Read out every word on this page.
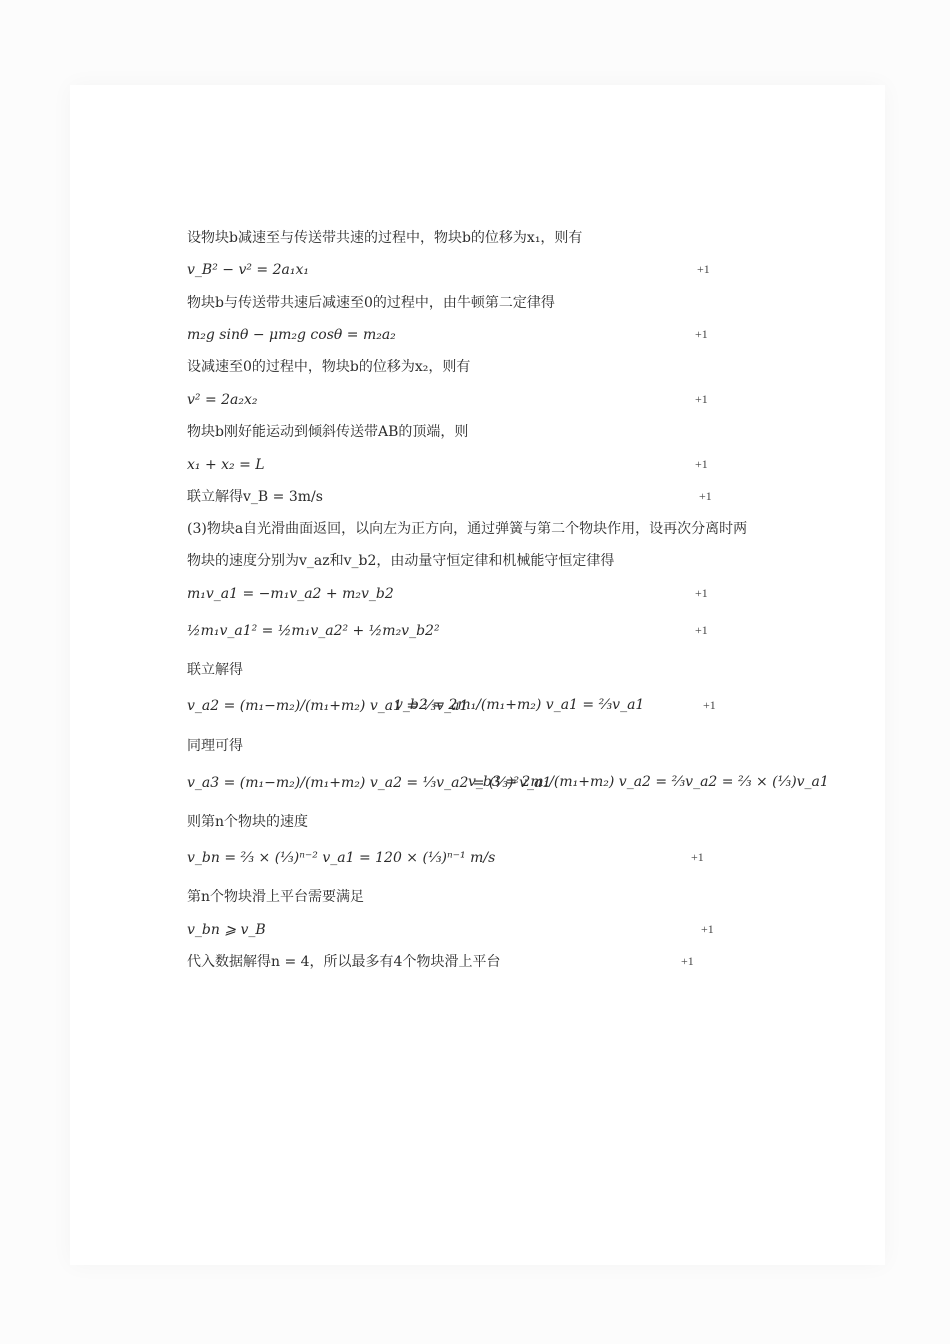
设物块b减速至与传送带共速的过程中，物块b的位移为x₁，则有
v_B² − v² = 2a₁x₁	+1
物块b与传送带共速后减速至0的过程中，由牛顿第二定律得
m₂g sinθ − μm₂g cosθ = m₂a₂	+1
设减速至0的过程中，物块b的位移为x₂，则有
v² = 2a₂x₂	+1
物块b刚好能运动到倾斜传送带AB的顶端，则
x₁ + x₂ = L	+1
联立解得v_B = 3m/s	+1
(3)物块a自光滑曲面返回，以向左为正方向，通过弹簧与第二个物块作用，设再次分离时两
物块的速度分别为v_az和v_b2，由动量守恒定律和机械能守恒定律得
m₁v_a1 = −m₁v_a2 + m₂v_b2	+1
½m₁v_a1² = ½m₁v_a2² + ½m₂v_b2²	+1
联立解得
v_a2 = (m₁−m₂)/(m₁+m₂) v_a1 = ⅓v_a1
v_b2 = 2m₁/(m₁+m₂) v_a1 = ⅔v_a1	+1
同理可得
v_a3 = (m₁−m₂)/(m₁+m₂) v_a2 = ⅓v_a2 = (⅓)²v_a1
v_b3 = 2m₁/(m₁+m₂) v_a2 = ⅔v_a2 = ⅔ × (⅓)v_a1
则第n个物块的速度
v_bn = ⅔ × (⅓)ⁿ⁻² v_a1 = 120 × (⅓)ⁿ⁻¹ m/s	+1
第n个物块滑上平台需要满足
v_bn ⩾ v_B	+1
代入数据解得n = 4，所以最多有4个物块滑上平台	+1
